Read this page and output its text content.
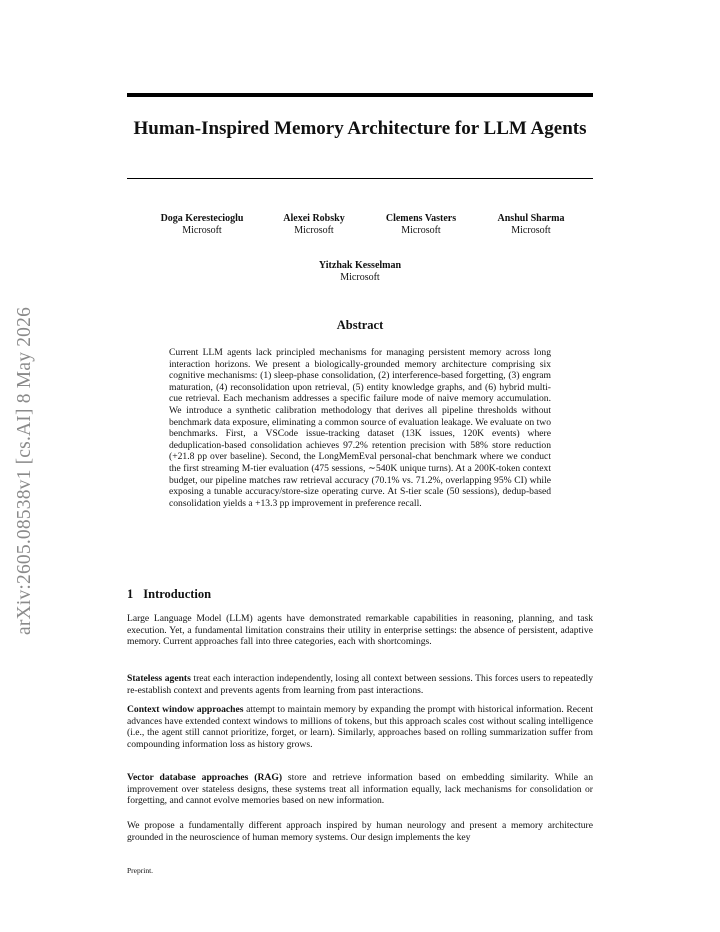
arXiv:2605.08538v1 [cs.AI] 8 May 2026
Human-Inspired Memory Architecture for LLM Agents
Doga Kerestecioglu
Microsoft
Alexei Robsky
Microsoft
Clemens Vasters
Microsoft
Anshul Sharma
Microsoft
Yitzhak Kesselman
Microsoft
Abstract
Current LLM agents lack principled mechanisms for managing persistent memory across long interaction horizons. We present a biologically-grounded memory architecture comprising six cognitive mechanisms: (1) sleep-phase consolidation, (2) interference-based forgetting, (3) engram maturation, (4) reconsolidation upon retrieval, (5) entity knowledge graphs, and (6) hybrid multi-cue retrieval. Each mechanism addresses a specific failure mode of naive memory accumulation. We introduce a synthetic calibration methodology that derives all pipeline thresholds without benchmark data exposure, eliminating a common source of evaluation leakage. We evaluate on two benchmarks. First, a VSCode issue-tracking dataset (13K issues, 120K events) where deduplication-based consolidation achieves 97.2% retention precision with 58% store reduction (+21.8 pp over baseline). Second, the LongMemEval personal-chat benchmark where we conduct the first streaming M-tier evaluation (475 sessions, ∼540K unique turns). At a 200K-token context budget, our pipeline matches raw retrieval accuracy (70.1% vs. 71.2%, overlapping 95% CI) while exposing a tunable accuracy/store-size operating curve. At S-tier scale (50 sessions), dedup-based consolidation yields a +13.3 pp improvement in preference recall.
1 Introduction
Large Language Model (LLM) agents have demonstrated remarkable capabilities in reasoning, planning, and task execution. Yet, a fundamental limitation constrains their utility in enterprise settings: the absence of persistent, adaptive memory. Current approaches fall into three categories, each with shortcomings.
Stateless agents treat each interaction independently, losing all context between sessions. This forces users to repeatedly re-establish context and prevents agents from learning from past interactions.
Context window approaches attempt to maintain memory by expanding the prompt with historical information. Recent advances have extended context windows to millions of tokens, but this approach scales cost without scaling intelligence (i.e., the agent still cannot prioritize, forget, or learn). Similarly, approaches based on rolling summarization suffer from compounding information loss as history grows.
Vector database approaches (RAG) store and retrieve information based on embedding similarity. While an improvement over stateless designs, these systems treat all information equally, lack mechanisms for consolidation or forgetting, and cannot evolve memories based on new information.
We propose a fundamentally different approach inspired by human neurology and present a memory architecture grounded in the neuroscience of human memory systems. Our design implements the key
Preprint.
